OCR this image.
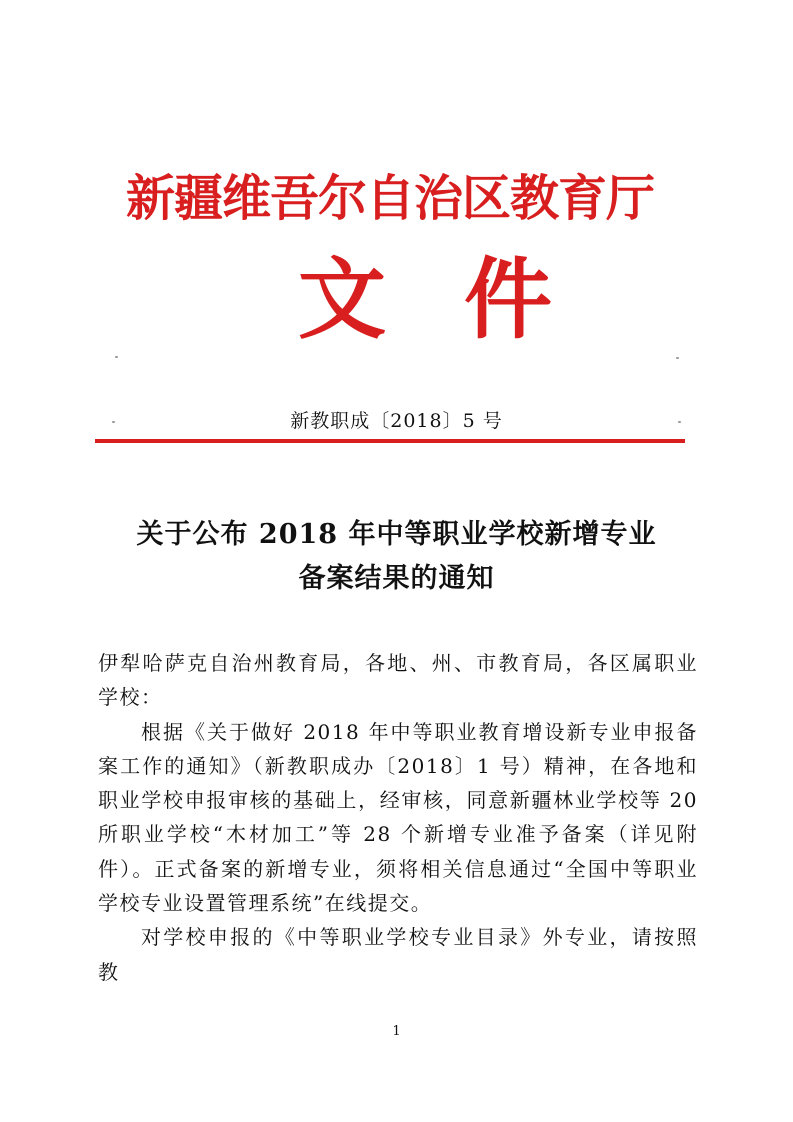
新疆维吾尔自治区教育厅
文件
新教职成〔2018〕5 号
关于公布 2018 年中等职业学校新增专业
备案结果的通知

伊犁哈萨克自治州教育局，各地、州、市教育局，各区属职业学校：

根据《关于做好 2018 年中等职业教育增设新专业申报备案工作的通知》（新教职成办〔2018〕1 号）精神，在各地和职业学校申报审核的基础上，经审核，同意新疆林业学校等 20 所职业学校“木材加工”等 28 个新增专业准予备案（详见附件）。正式备案的新增专业，须将相关信息通过“全国中等职业学校专业设置管理系统”在线提交。

对学校申报的《中等职业学校专业目录》外专业，请按照教

1
